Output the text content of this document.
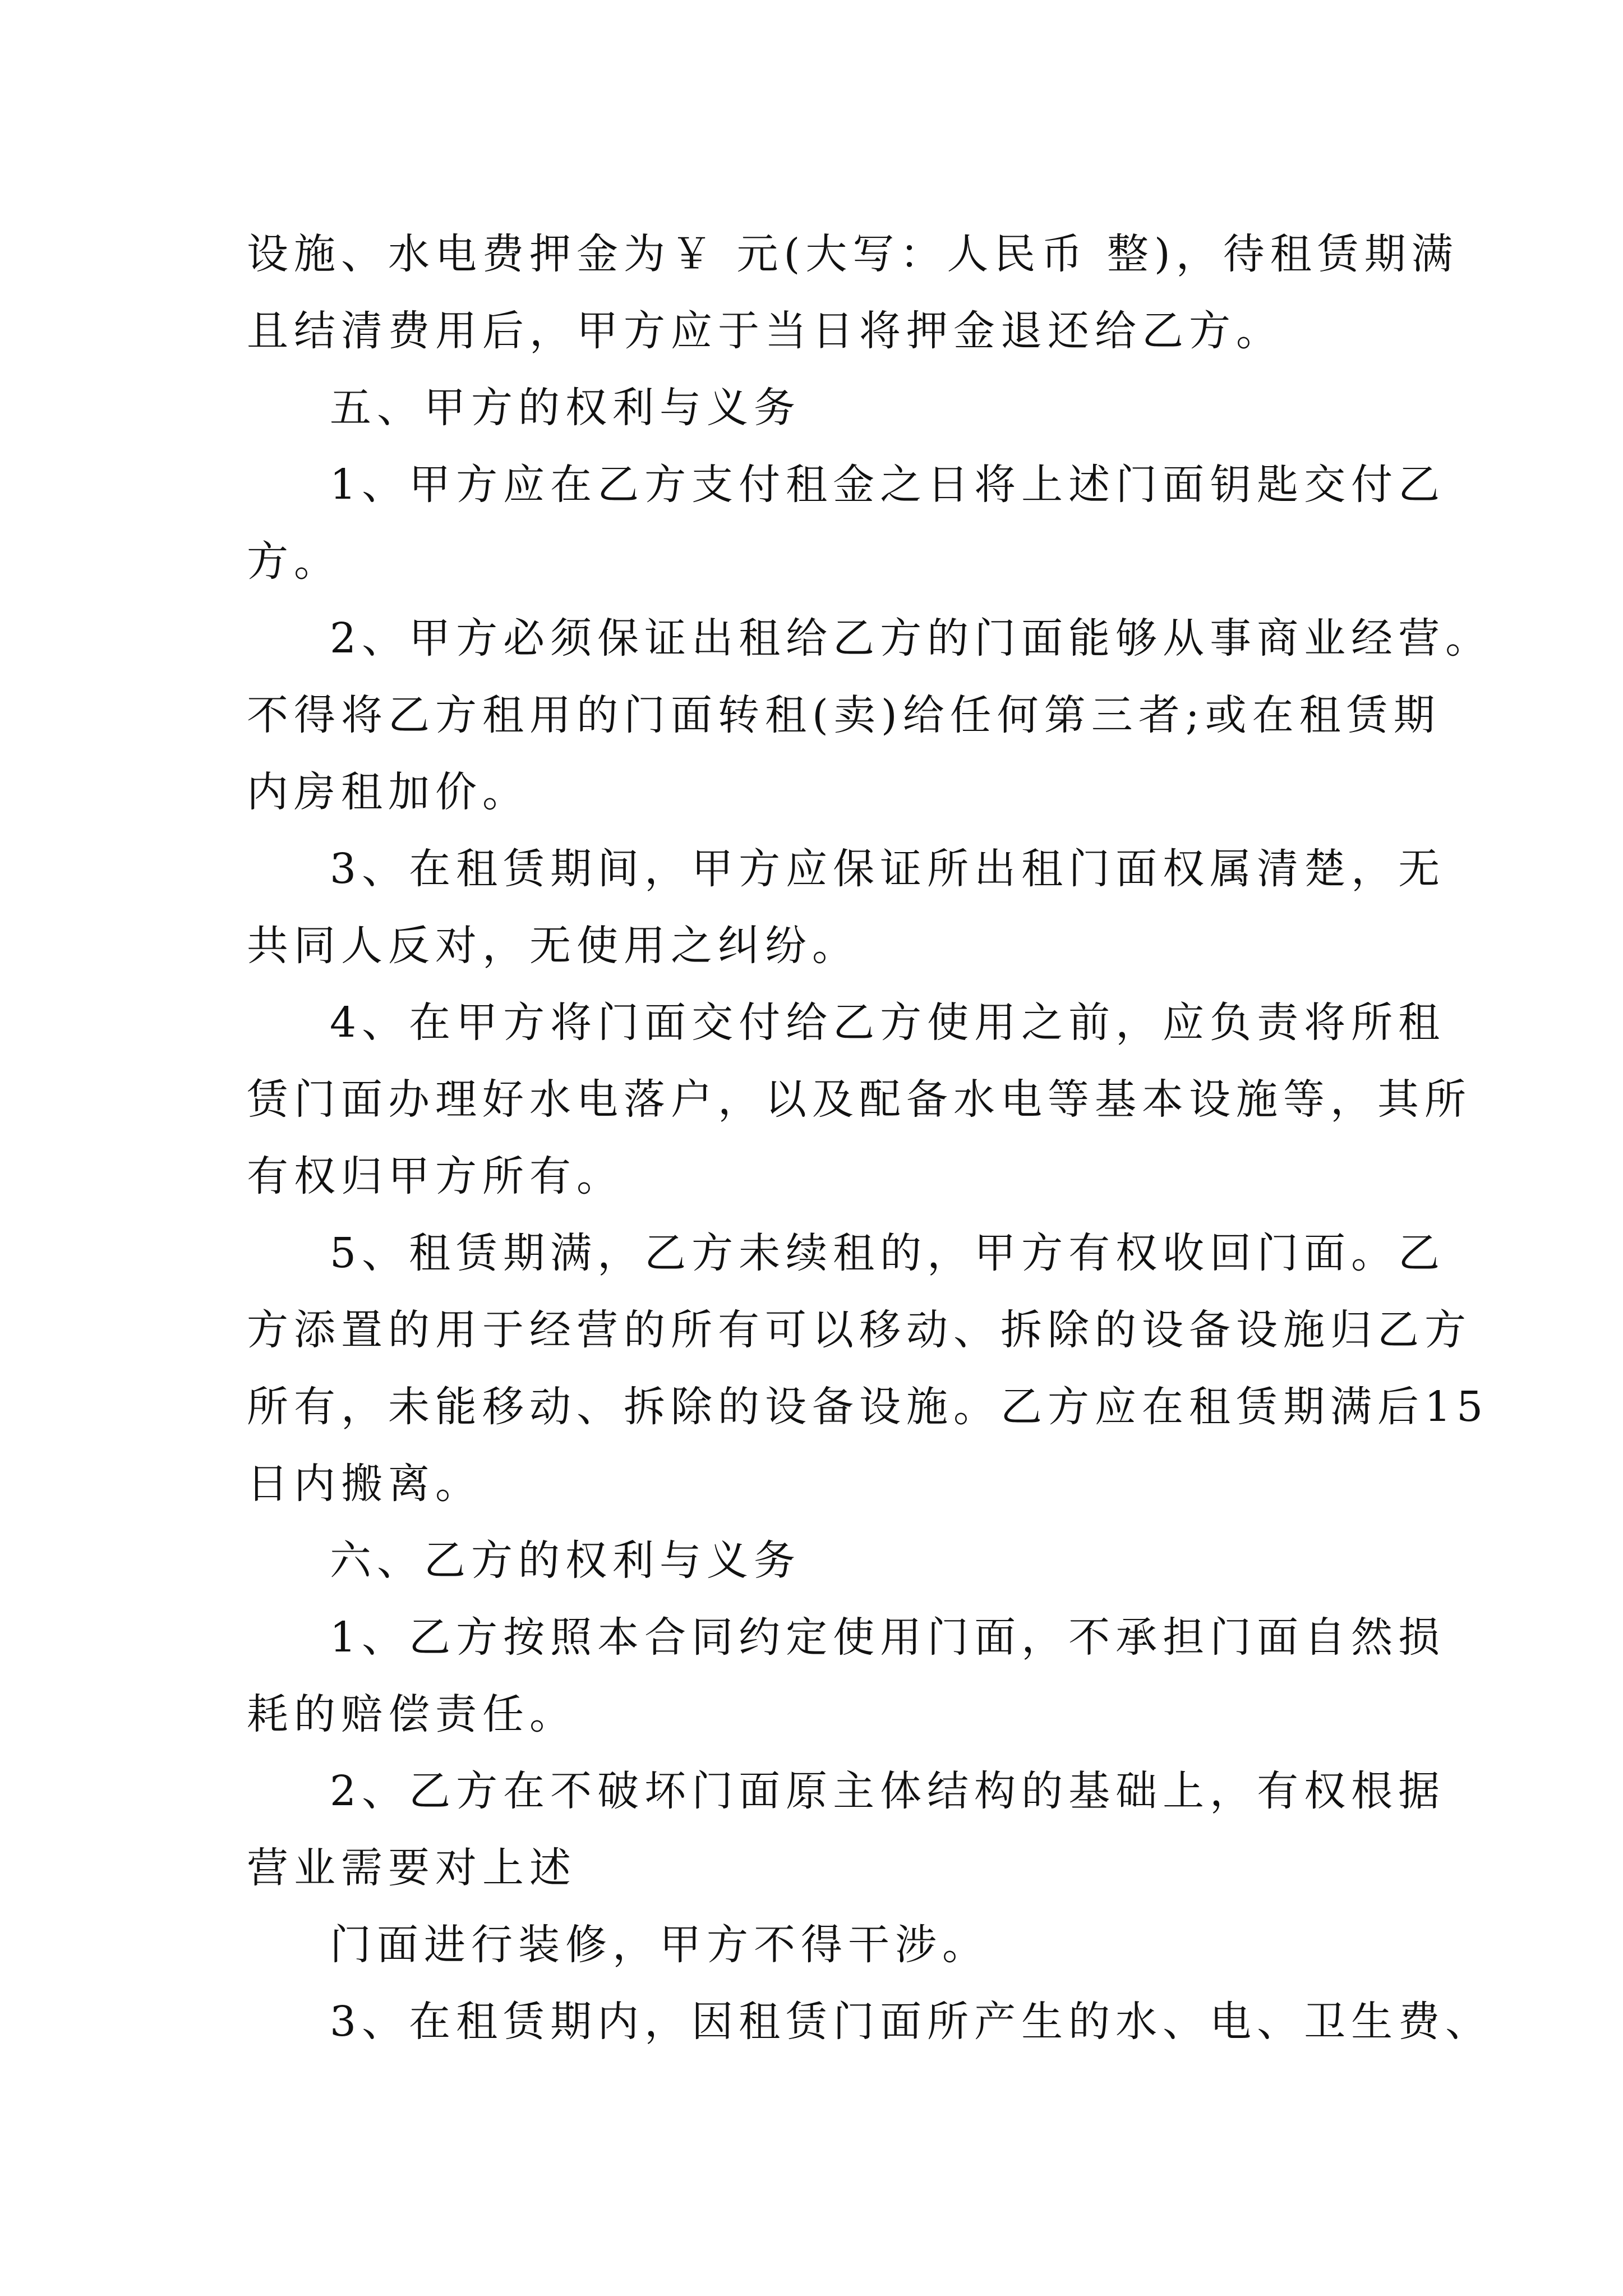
设施、水电费押金为￥ 元(大写：人民币 整)，待租赁期满
且结清费用后，甲方应于当日将押金退还给乙方。
五、甲方的权利与义务
1、甲方应在乙方支付租金之日将上述门面钥匙交付乙
方。
2、甲方必须保证出租给乙方的门面能够从事商业经营。
不得将乙方租用的门面转租(卖)给任何第三者;或在租赁期
内房租加价。
3、在租赁期间，甲方应保证所出租门面权属清楚，无
共同人反对，无使用之纠纷。
4、在甲方将门面交付给乙方使用之前，应负责将所租
赁门面办理好水电落户，以及配备水电等基本设施等，其所
有权归甲方所有。
5、租赁期满，乙方未续租的，甲方有权收回门面。乙
方添置的用于经营的所有可以移动、拆除的设备设施归乙方
所有，未能移动、拆除的设备设施。乙方应在租赁期满后15
日内搬离。
六、乙方的权利与义务
1、乙方按照本合同约定使用门面，不承担门面自然损
耗的赔偿责任。
2、乙方在不破坏门面原主体结构的基础上，有权根据
营业需要对上述
门面进行装修，甲方不得干涉。
3、在租赁期内，因租赁门面所产生的水、电、卫生费、
